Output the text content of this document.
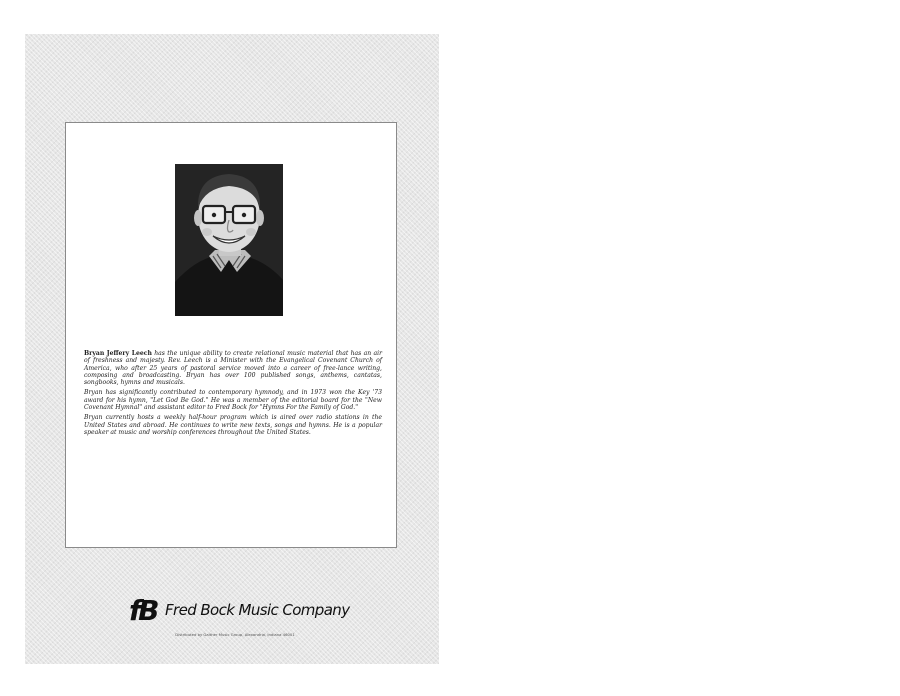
Bryan Jeffery Leech has the unique ability to create relational music material that has an air of freshness and majesty. Rev. Leech is a Minister with the Evangelical Covenant Church of America, who after 25 years of pastoral service moved into a career of free-lance writing, composing and broadcasting. Bryan has over 100 published songs, anthems, cantatas, songbooks, hymns and musicals.

Bryan has significantly contributed to contemporary hymnody, and in 1973 won the Key '73 award for his hymn, "Let God Be God." He was a member of the editorial board for the "New Covenant Hymnal" and assistant editor to Fred Bock for "Hymns For the Family of God."

Bryan currently hosts a weekly half-hour program which is aired over radio stations in the United States and abroad. He continues to write new texts, songs and hymns. He is a popular speaker at music and worship conferences throughout the United States.

fB Fred Bock Music Company
Distributed by Gaither Music Group, Alexandria, Indiana 46001
